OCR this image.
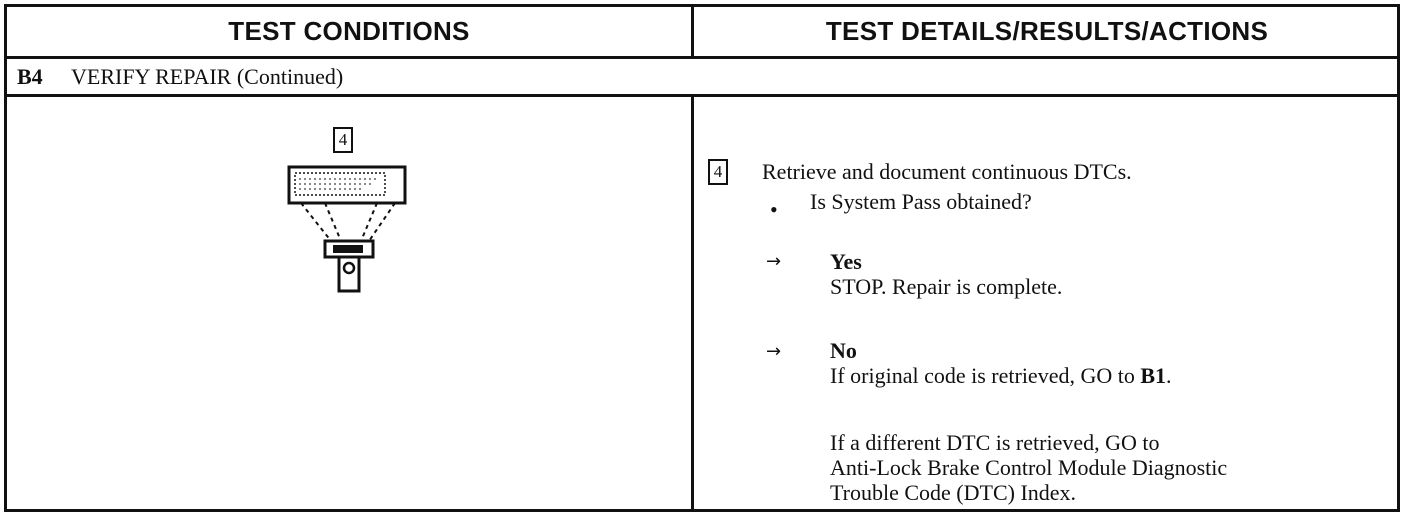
TEST CONDITIONS	TEST DETAILS/RESULTS/ACTIONS
B4	VERIFY REPAIR (Continued)
4
4 Retrieve and document continuous DTCs.
• Is System Pass obtained?
→ Yes
STOP. Repair is complete.
→ No
If original code is retrieved, GO to B1.
If a different DTC is retrieved, GO to
Anti-Lock Brake Control Module Diagnostic
Trouble Code (DTC) Index.
